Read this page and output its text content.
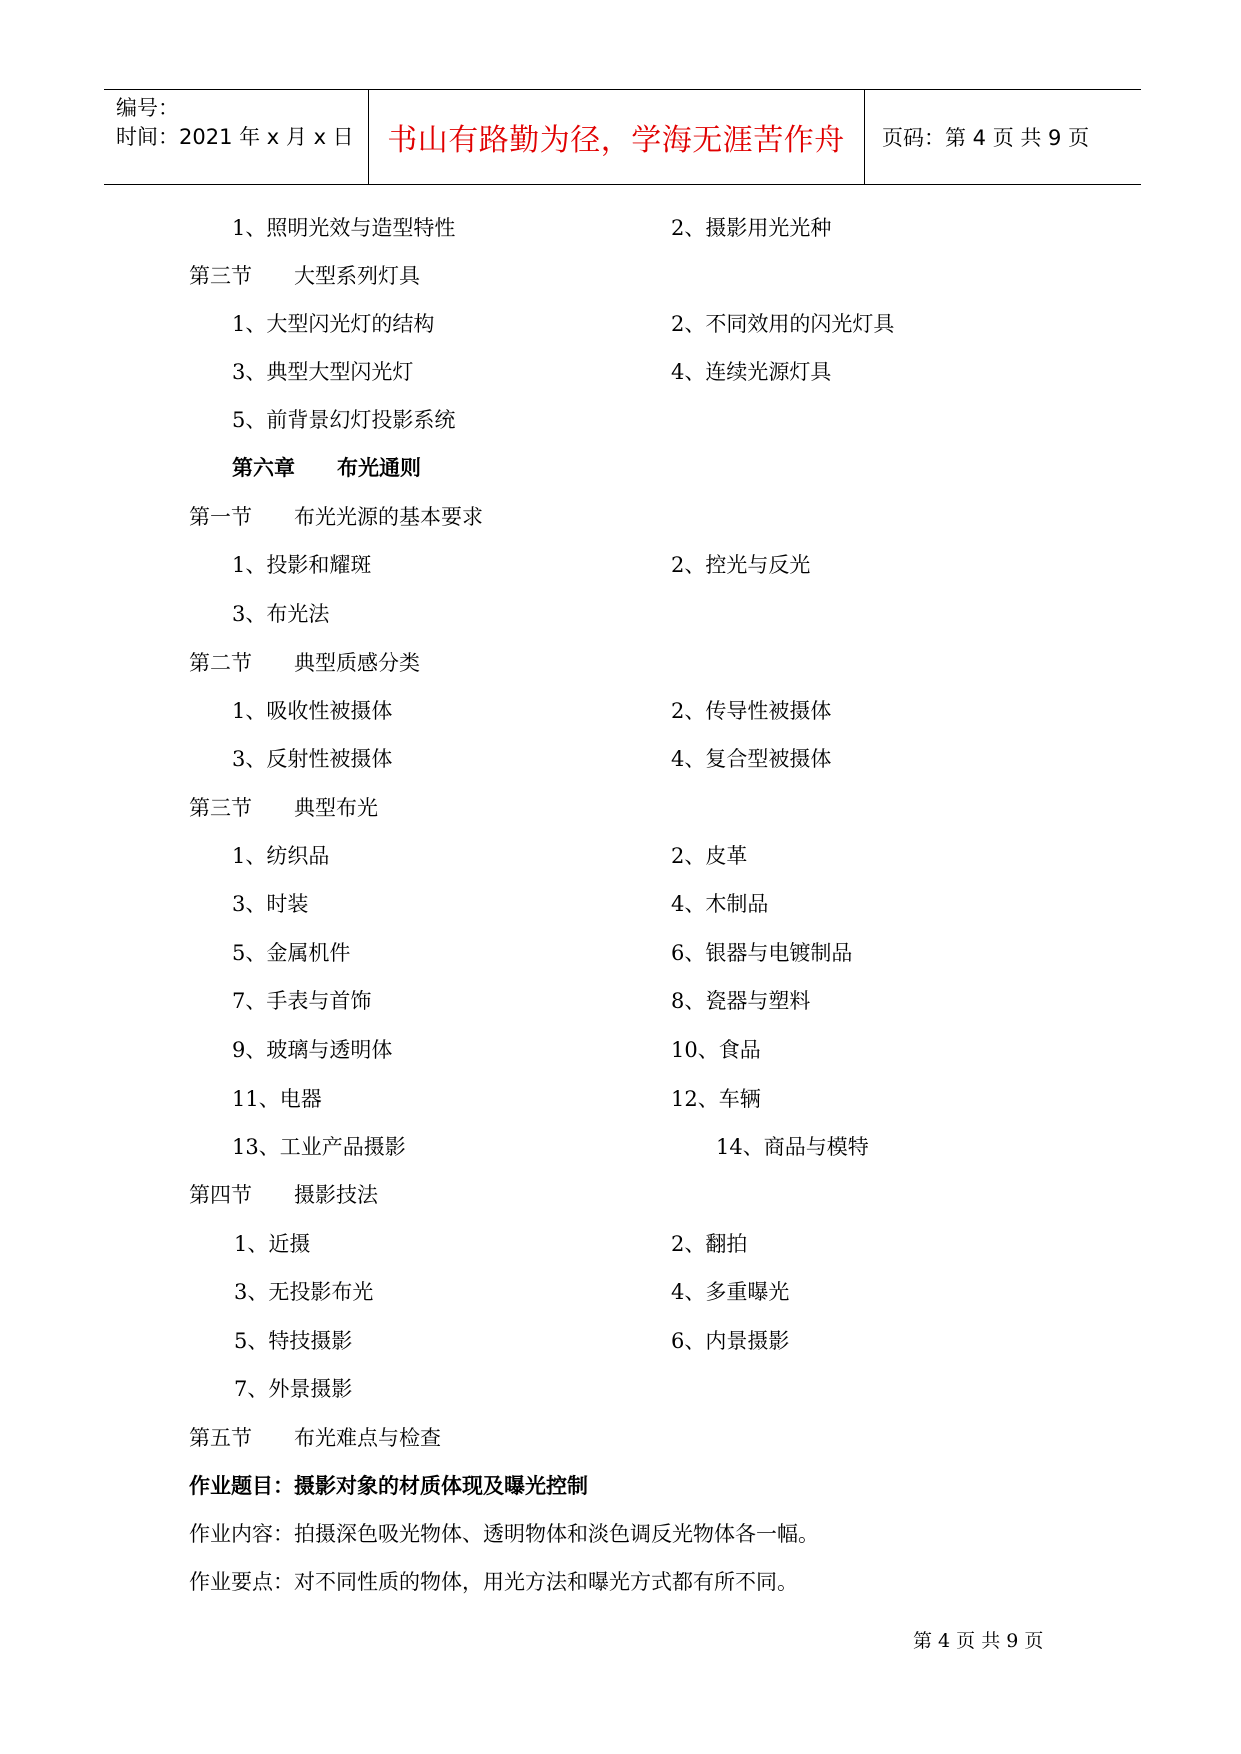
编号：
时间：2021 年 x 月 x 日	书山有路勤为径，学海无涯苦作舟	页码：第 4 页 共 9 页
1、照明光效与造型特性	2、摄影用光光种
第三节　　大型系列灯具
1、大型闪光灯的结构	2、不同效用的闪光灯具
3、典型大型闪光灯	4、连续光源灯具
5、前背景幻灯投影系统
第六章　　布光通则
第一节　　布光光源的基本要求
1、投影和耀斑	2、控光与反光
3、布光法
第二节　　典型质感分类
1、吸收性被摄体	2、传导性被摄体
3、反射性被摄体	4、复合型被摄体
第三节　　典型布光
1、纺织品	2、皮革
3、时装	4、木制品
5、金属机件	6、银器与电镀制品
7、手表与首饰	8、瓷器与塑料
9、玻璃与透明体	10、食品
11、电器	12、车辆
13、工业产品摄影	14、商品与模特
第四节　　摄影技法
1、近摄	2、翻拍
3、无投影布光	4、多重曝光
5、特技摄影	6、内景摄影
7、外景摄影
第五节　　布光难点与检查
作业题目：摄影对象的材质体现及曝光控制
作业内容：拍摄深色吸光物体、透明物体和淡色调反光物体各一幅。
作业要点：对不同性质的物体，用光方法和曝光方式都有所不同。
第 4 页 共 9 页
